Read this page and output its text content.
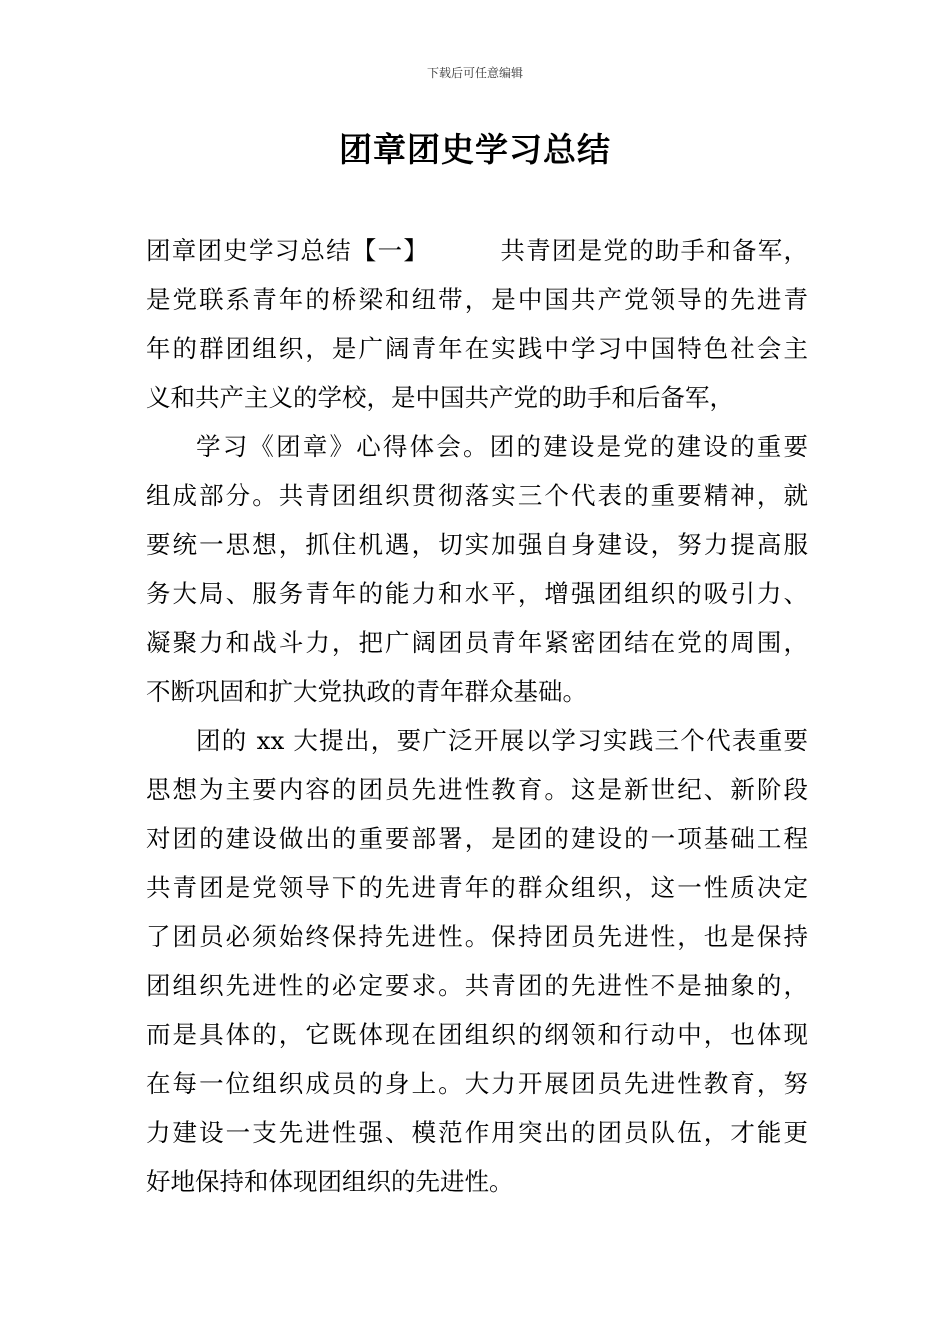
下载后可任意编辑
团章团史学习总结
团章团史学习总结【一】	共青团是党的助手和备军，
是党联系青年的桥梁和纽带，是中国共产党领导的先进青
年的群团组织，是广阔青年在实践中学习中国特色社会主
义和共产主义的学校，是中国共产党的助手和后备军，
学习《团章》心得体会。团的建设是党的建设的重要
组成部分。共青团组织贯彻落实三个代表的重要精神，就
要统一思想，抓住机遇，切实加强自身建设，努力提高服
务大局、服务青年的能力和水平，增强团组织的吸引力、
凝聚力和战斗力，把广阔团员青年紧密团结在党的周围，
不断巩固和扩大党执政的青年群众基础。
团的 xx 大提出，要广泛开展以学习实践三个代表重要
思想为主要内容的团员先进性教育。这是新世纪、新阶段
对团的建设做出的重要部署，是团的建设的一项基础工程
共青团是党领导下的先进青年的群众组织，这一性质决定
了团员必须始终保持先进性。保持团员先进性，也是保持
团组织先进性的必定要求。共青团的先进性不是抽象的，
而是具体的，它既体现在团组织的纲领和行动中，也体现
在每一位组织成员的身上。大力开展团员先进性教育，努
力建设一支先进性强、模范作用突出的团员队伍，才能更
好地保持和体现团组织的先进性。
